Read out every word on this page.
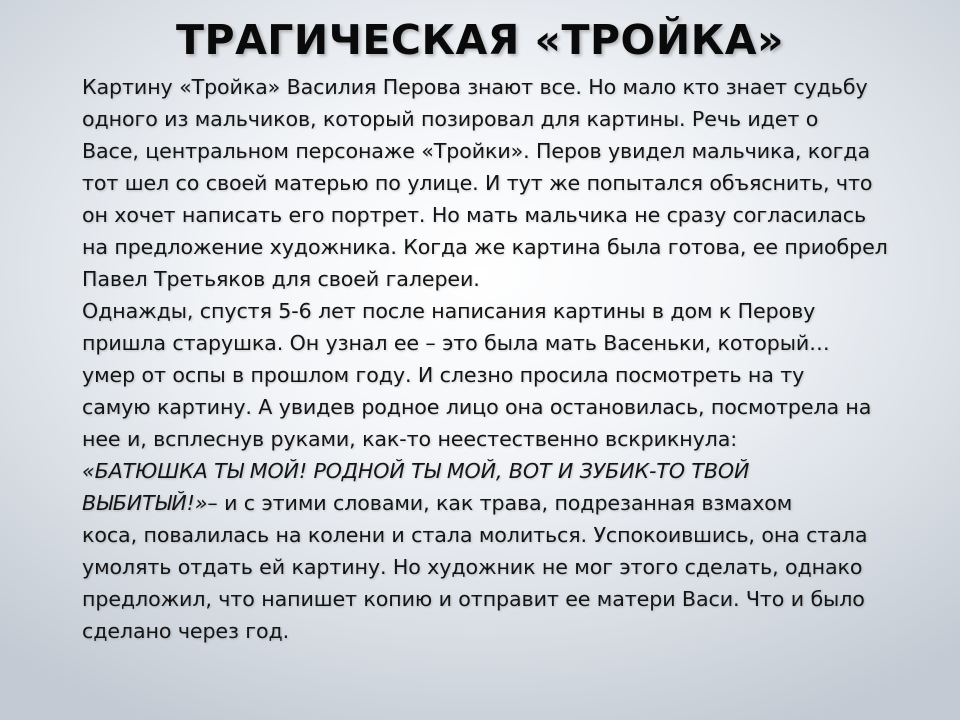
ТРАГИЧЕСКАЯ «ТРОЙКА»
Картину «Тройка» Василия Перова знают все. Но мало кто знает судьбу
одного из мальчиков, который позировал для картины. Речь идет о
Васе, центральном персонаже «Тройки». Перов увидел мальчика, когда
тот шел со своей матерью по улице. И тут же попытался объяснить, что
он хочет написать его портрет. Но мать мальчика не сразу согласилась
на предложение художника. Когда же картина была готова, ее приобрел
Павел Третьяков для своей галереи.
Однажды, спустя 5-6 лет после написания картины в дом к Перову
пришла старушка. Он узнал ее – это была мать Васеньки, который…
умер от оспы в прошлом году. И слезно просила посмотреть на ту
самую картину. А увидев родное лицо она остановилась, посмотрела на
нее и, всплеснув руками, как-то неестественно вскрикнула:
«БАТЮШКА ТЫ МОЙ! РОДНОЙ ТЫ МОЙ, ВОТ И ЗУБИК-ТО ТВОЙ
ВЫБИТЫЙ!»– и с этими словами, как трава, подрезанная взмахом
коса, повалилась на колени и стала молиться. Успокоившись, она стала
умолять отдать ей картину. Но художник не мог этого сделать, однако
предложил, что напишет копию и отправит ее матери Васи. Что и было
сделано через год.
